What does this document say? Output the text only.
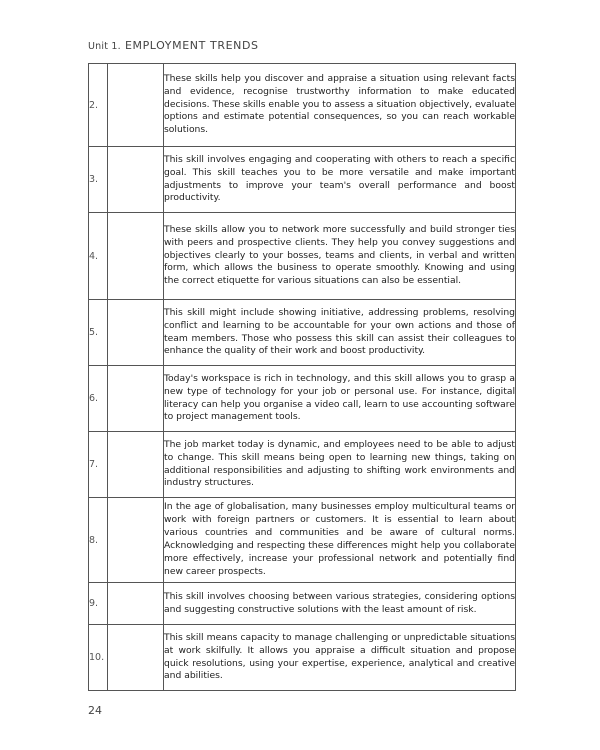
Unit 1. EMPLOYMENT TRENDS
2.		These skills help you discover and appraise a situation using relevant facts and evidence, recognise trustworthy information to make educated decisions. These skills enable you to assess a situation objectively, evaluate options and estimate potential consequences, so you can reach workable solutions.
3.		This skill involves engaging and cooperating with others to reach a specific goal. This skill teaches you to be more versatile and make important adjustments to improve your team's overall performance and boost productivity.
4.		These skills allow you to network more successfully and build stronger ties with peers and prospective clients. They help you convey suggestions and objectives clearly to your bosses, teams and clients, in verbal and written form, which allows the business to operate smoothly. Knowing and using the correct etiquette for various situations can also be essential.
5.		This skill might include showing initiative, addressing problems, resolving conflict and learning to be accountable for your own actions and those of team members. Those who possess this skill can assist their colleagues to enhance the quality of their work and boost productivity.
6.		Today's workspace is rich in technology, and this skill allows you to grasp a new type of technology for your job or personal use. For instance, digital literacy can help you organise a video call, learn to use accounting software to project management tools.
7.		The job market today is dynamic, and employees need to be able to adjust to change. This skill means being open to learning new things, taking on additional responsibilities and adjusting to shifting work environments and industry structures.
8.		In the age of globalisation, many businesses employ multicultural teams or work with foreign partners or customers. It is essential to learn about various countries and communities and be aware of cultural norms. Acknowledging and respecting these differences might help you collaborate more effectively, increase your professional network and potentially find new career prospects.
9.		This skill involves choosing between various strategies, considering options and suggesting constructive solutions with the least amount of risk.
10.		This skill means capacity to manage challenging or unpredictable situations at work skilfully. It allows you appraise a difficult situation and propose quick resolutions, using your expertise, experience, analytical and creative and abilities.
24
